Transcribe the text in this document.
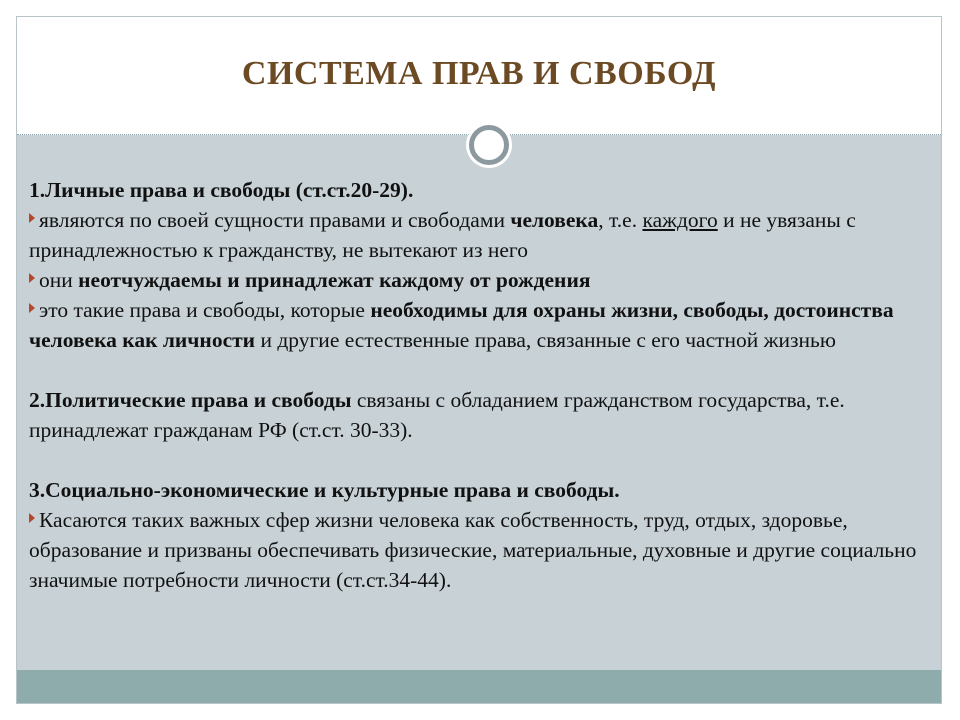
СИСТЕМА ПРАВ И СВОБОД

1.Личные права и свободы (ст.ст.20-29).

являются по своей сущности правами и свободами человека, т.е. каждого и не увязаны с принадлежностью к гражданству, не вытекают из него

они неотчуждаемы и принадлежат каждому от рождения

это такие права и свободы, которые необходимы для охраны жизни, свободы, достоинства человека как личности и другие естественные права, связанные с его частной жизнью

2.Политические права и свободы связаны с обладанием гражданством государства, т.е. принадлежат гражданам РФ (ст.ст. 30-33).

3.Социально-экономические и культурные права и свободы.

Касаются таких важных сфер жизни человека как собственность, труд, отдых, здоровье, образование и призваны обеспечивать физические, материальные, духовные и другие социально значимые потребности личности (ст.ст.34-44).
